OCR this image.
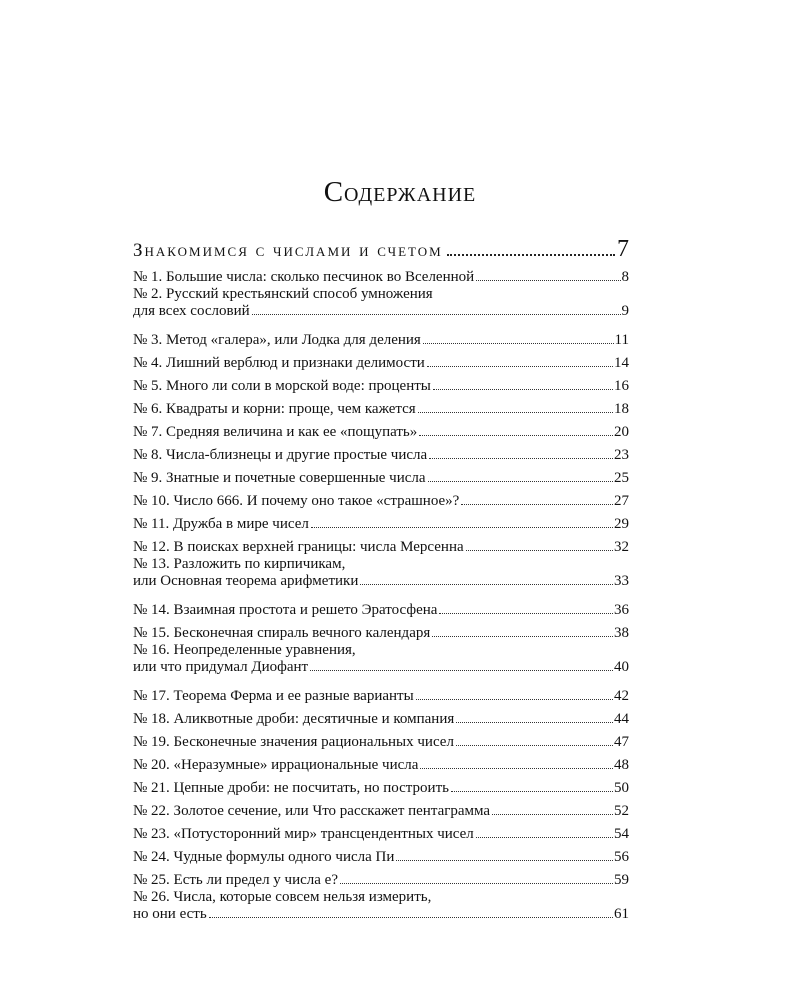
Содержание
Знакомимся с числами и счетом	7
№ 1. Большие числа: сколько песчинок во Вселенной	8
№ 2. Русский крестьянский способ умножения
для всех сословий	9
№ 3. Метод «галера», или Лодка для деления	11
№ 4. Лишний верблюд и признаки делимости	14
№ 5. Много ли соли в морской воде: проценты	16
№ 6. Квадраты и корни: проще, чем кажется	18
№ 7. Средняя величина и как ее «пощупать»	20
№ 8. Числа-близнецы и другие простые числа	23
№ 9. Знатные и почетные совершенные числа	25
№ 10. Число 666. И почему оно такое «страшное»?	27
№ 11. Дружба в мире чисел	29
№ 12. В поисках верхней границы: числа Мерсенна	32
№ 13. Разложить по кирпичикам,
или Основная теорема арифметики	33
№ 14. Взаимная простота и решето Эратосфена	36
№ 15. Бесконечная спираль вечного календаря	38
№ 16. Неопределенные уравнения,
или что придумал Диофант	40
№ 17. Теорема Ферма и ее разные варианты	42
№ 18. Аликвотные дроби: десятичные и компания	44
№ 19. Бесконечные значения рациональных чисел	47
№ 20. «Неразумные» иррациональные числа	48
№ 21. Цепные дроби: не посчитать, но построить	50
№ 22. Золотое сечение, или Что расскажет пентаграмма	52
№ 23. «Потусторонний мир» трансцендентных чисел	54
№ 24. Чудные формулы одного числа Пи	56
№ 25. Есть ли предел у числа е?	59
№ 26. Числа, которые совсем нельзя измерить,
но они есть	61
